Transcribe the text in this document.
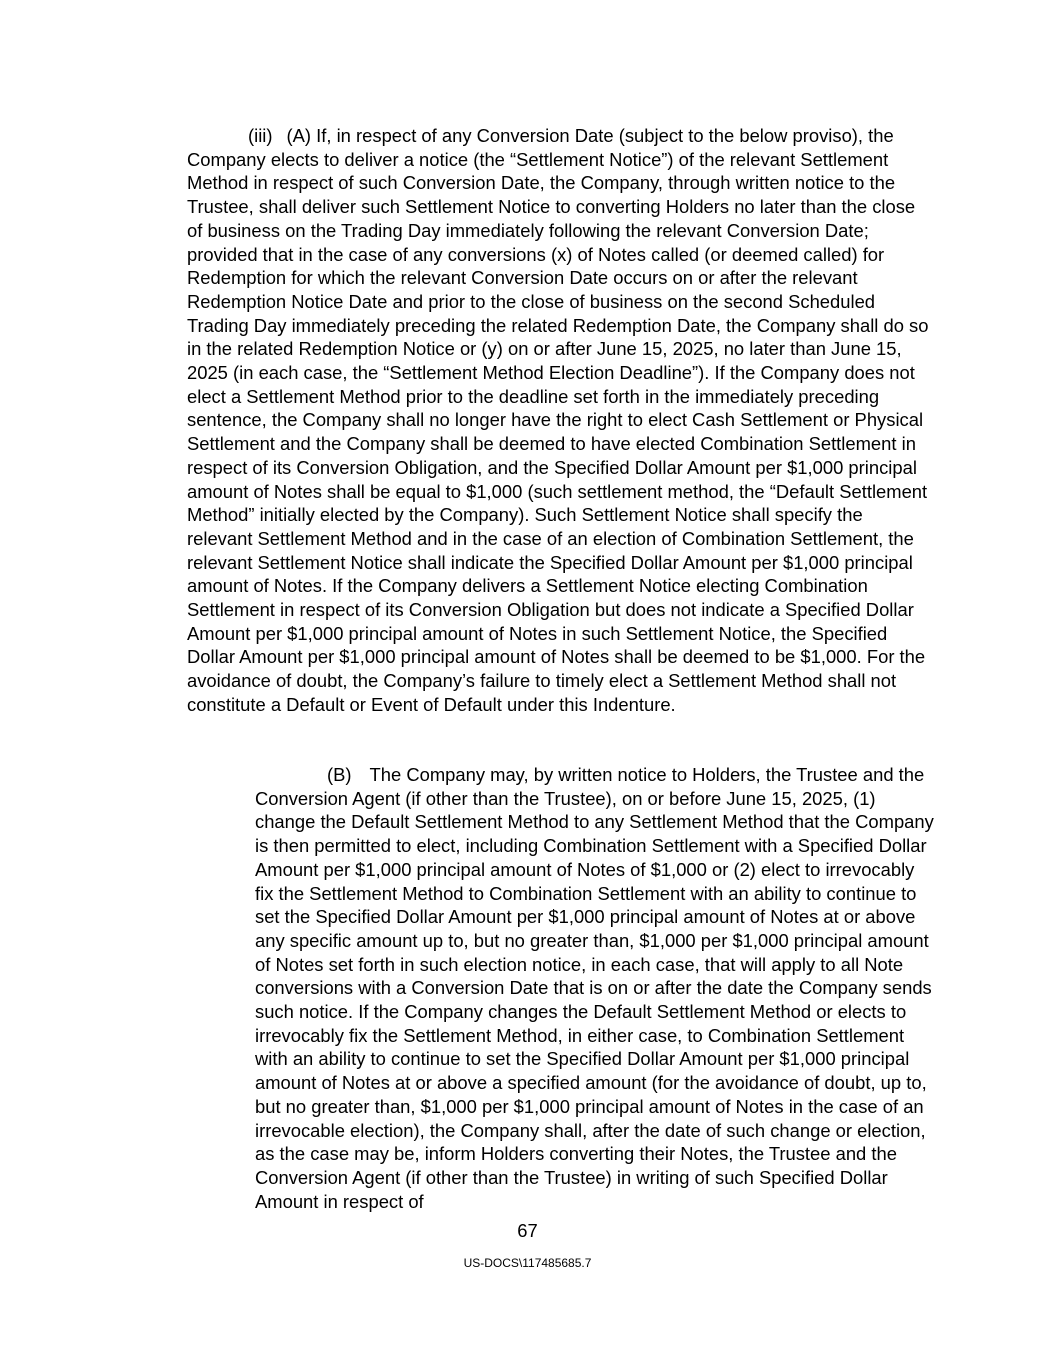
(iii) (A) If, in respect of any Conversion Date (subject to the below proviso), the Company elects to deliver a notice (the “Settlement Notice”) of the relevant Settlement Method in respect of such Conversion Date, the Company, through written notice to the Trustee, shall deliver such Settlement Notice to converting Holders no later than the close of business on the Trading Day immediately following the relevant Conversion Date; provided that in the case of any conversions (x) of Notes called (or deemed called) for Redemption for which the relevant Conversion Date occurs on or after the relevant Redemption Notice Date and prior to the close of business on the second Scheduled Trading Day immediately preceding the related Redemption Date, the Company shall do so in the related Redemption Notice or (y) on or after June 15, 2025, no later than June 15, 2025 (in each case, the “Settlement Method Election Deadline”). If the Company does not elect a Settlement Method prior to the deadline set forth in the immediately preceding sentence, the Company shall no longer have the right to elect Cash Settlement or Physical Settlement and the Company shall be deemed to have elected Combination Settlement in respect of its Conversion Obligation, and the Specified Dollar Amount per $1,000 principal amount of Notes shall be equal to $1,000 (such settlement method, the “Default Settlement Method” initially elected by the Company). Such Settlement Notice shall specify the relevant Settlement Method and in the case of an election of Combination Settlement, the relevant Settlement Notice shall indicate the Specified Dollar Amount per $1,000 principal amount of Notes. If the Company delivers a Settlement Notice electing Combination Settlement in respect of its Conversion Obligation but does not indicate a Specified Dollar Amount per $1,000 principal amount of Notes in such Settlement Notice, the Specified Dollar Amount per $1,000 principal amount of Notes shall be deemed to be $1,000. For the avoidance of doubt, the Company’s failure to timely elect a Settlement Method shall not constitute a Default or Event of Default under this Indenture.

(B) The Company may, by written notice to Holders, the Trustee and the Conversion Agent (if other than the Trustee), on or before June 15, 2025, (1) change the Default Settlement Method to any Settlement Method that the Company is then permitted to elect, including Combination Settlement with a Specified Dollar Amount per $1,000 principal amount of Notes of $1,000 or (2) elect to irrevocably fix the Settlement Method to Combination Settlement with an ability to continue to set the Specified Dollar Amount per $1,000 principal amount of Notes at or above any specific amount up to, but no greater than, $1,000 per $1,000 principal amount of Notes set forth in such election notice, in each case, that will apply to all Note conversions with a Conversion Date that is on or after the date the Company sends such notice. If the Company changes the Default Settlement Method or elects to irrevocably fix the Settlement Method, in either case, to Combination Settlement with an ability to continue to set the Specified Dollar Amount per $1,000 principal amount of Notes at or above a specified amount (for the avoidance of doubt, up to, but no greater than, $1,000 per $1,000 principal amount of Notes in the case of an irrevocable election), the Company shall, after the date of such change or election, as the case may be, inform Holders converting their Notes, the Trustee and the Conversion Agent (if other than the Trustee) in writing of such Specified Dollar Amount in respect of

67
US-DOCS\117485685.7
